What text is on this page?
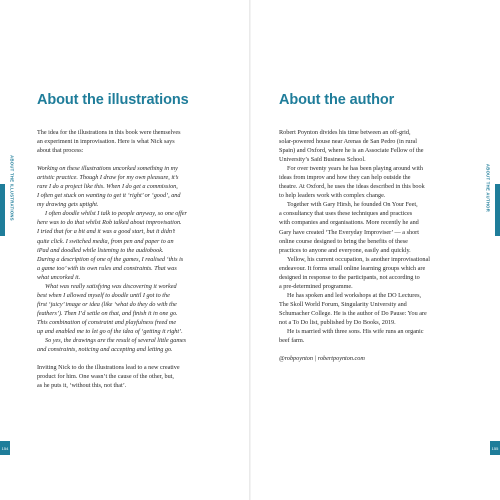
ABOUT THE ILLUSTRATIONS
About the illustrations

The idea for the illustrations in this book were themselves
an experiment in improvisation. Here is what Nick says
about that process:

Working on these illustrations uncorked something in my
artistic practice. Though I draw for my own pleasure, it’s
rare I do a project like this. When I do get a commission,
I often get stuck on wanting to get it ‘right’ or ‘good’, and
my drawing gets uptight.

I often doodle whilst I talk to people anyway, so one offer
here was to do that whilst Rob talked about improvisation.
I tried that for a bit and it was a good start, but it didn’t
quite click. I switched media, from pen and paper to an
iPad and doodled while listening to the audiobook.
During a description of one of the games, I realised ‘this is
a game too’ with its own rules and constraints. That was
what uncorked it.

What was really satisfying was discovering it worked
best when I allowed myself to doodle until I got to the
first ‘juicy’ image or idea (like ‘what do they do with the
feathers’). Then I’d settle on that, and finish it in one go.
This combination of constraint and playfulness freed me
up and enabled me to let go of the idea of ‘getting it right’.

So yes, the drawings are the result of several little games
and constraints, noticing and accepting and letting go.

Inviting Nick to do the illustrations lead to a new creative
product for him. One wasn’t the cause of the other, but,
as he puts it, ‘without this, not that’.

154
ABOUT THE AUTHOR
About the author

Robert Poynton divides his time between an off-grid,
solar-powered house near Arenas de San Pedro (in rural
Spain) and Oxford, where he is an Associate Fellow of the
University’s Saïd Business School.

For over twenty years he has been playing around with
ideas from improv and how they can help outside the
theatre. At Oxford, he uses the ideas described in this book
to help leaders work with complex change.

Together with Gary Hirsh, he founded On Your Feet,
a consultancy that uses these techniques and practices
with companies and organisations. More recently he and
Gary have created ‘The Everyday Improviser’ — a short
online course designed to bring the benefits of these
practices to anyone and everyone, easily and quickly.

Yellow, his current occupation, is another improvisational
endeavour. It forms small online learning groups which are
designed in response to the participants, not according to
a pre-determined programme.

He has spoken and led workshops at the DO Lectures,
The Skoll World Forum, Singularity University and
Schumacher College. He is the author of Do Pause: You are
not a To Do list, published by Do Books, 2019.

He is married with three sons. His wife runs an organic
beef farm.

@robpoynton | robertpoynton.com

155
